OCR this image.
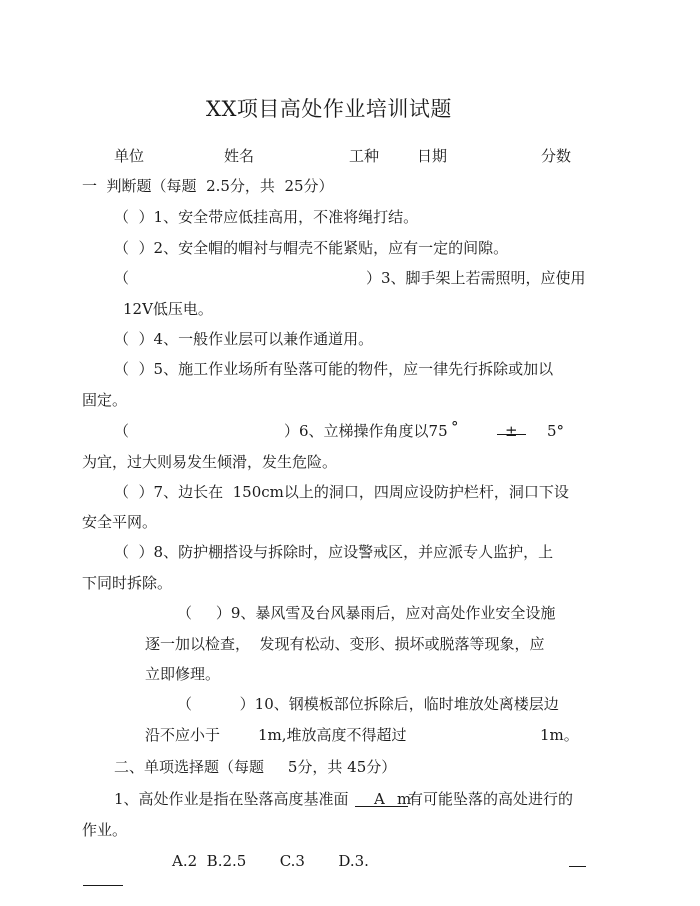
XX项目高处作业培训试题
单位	姓名	工种	日期	分数
一  判断题（每题  2.5分，共  25分）
（  ）1、安全带应低挂高用，不准将绳打结。
（  ）2、安全帽的帽衬与帽壳不能紧贴，应有一定的间隙。
（	）3、脚手架上若需照明，应使用
12V低压电。
（  ）4、一般作业层可以兼作通道用。
（  ）5、施工作业场所有坠落可能的物件，应一律先行拆除或加以
固定。
（	）6、立梯操作角度以75 °	± 5°
为宜，过大则易发生倾滑，发生危险。
（  ）7、边长在  150cm以上的洞口，四周应设防护栏杆，洞口下设
安全平网。
（  ）8、防护棚搭设与拆除时，应设警戒区，并应派专人监护，上
下同时拆除。
（     ）9、暴风雪及台风暴雨后，应对高处作业安全设施
逐一加以检查，  发现有松动、变形、损坏或脱落等现象，应
立即修理。
（          ）10、钢模板部位拆除后，临时堆放处离楼层边
沿不应小于	1m,堆放高度不得超过	1m。
二、单项选择题（每题     5分，共 45分）
1、高处作业是指在坠落高度基准面 A m
有可能坠落的高处进行的
作业。
A.2  B.2.5       C.3       D.3.
